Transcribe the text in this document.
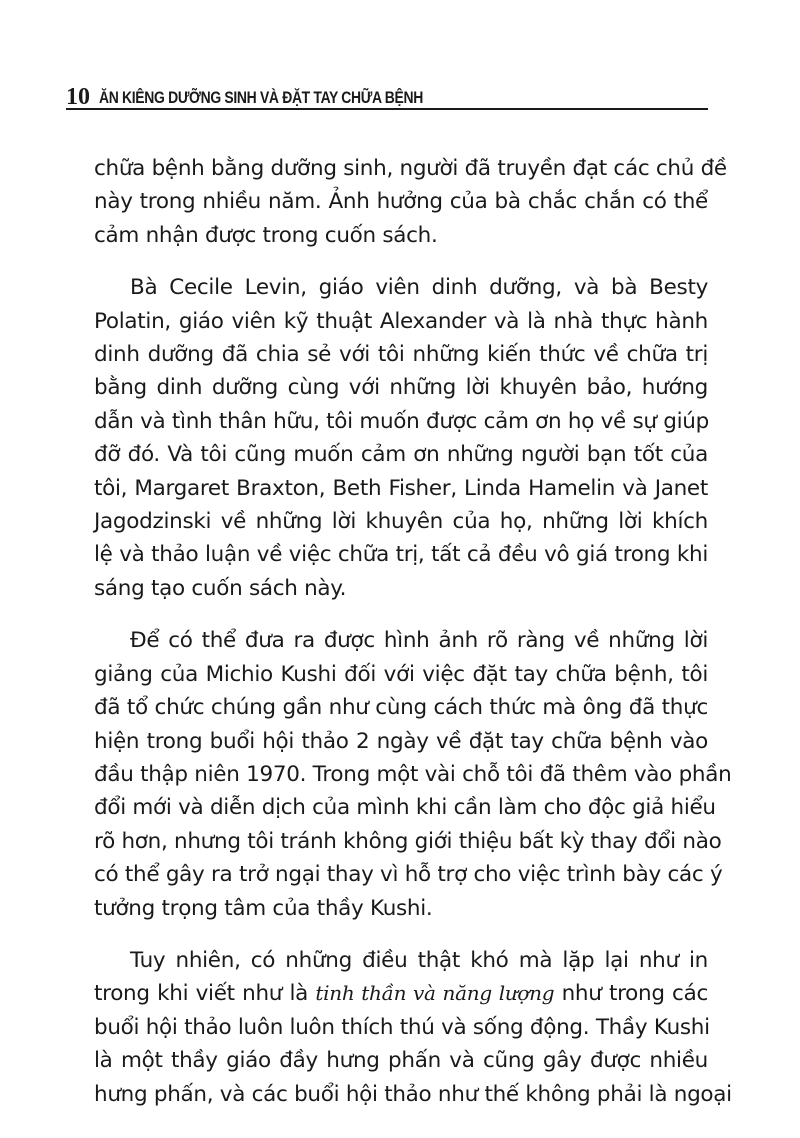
10 ĂN KIÊNG DƯỠNG SINH VÀ ĐẶT TAY CHỮA BỆNH

chữa bệnh bằng dưỡng sinh, người đã truyền đạt các chủ đề
này trong nhiều năm. Ảnh hưởng của bà chắc chắn có thể
cảm nhận được trong cuốn sách.

Bà Cecile Levin, giáo viên dinh dưỡng, và bà Besty
Polatin, giáo viên kỹ thuật Alexander và là nhà thực hành
dinh dưỡng đã chia sẻ với tôi những kiến thức về chữa trị
bằng dinh dưỡng cùng với những lời khuyên bảo, hướng
dẫn và tình thân hữu, tôi muốn được cảm ơn họ về sự giúp
đỡ đó. Và tôi cũng muốn cảm ơn những người bạn tốt của
tôi, Margaret Braxton, Beth Fisher, Linda Hamelin và Janet
Jagodzinski về những lời khuyên của họ, những lời khích
lệ và thảo luận về việc chữa trị, tất cả đều vô giá trong khi
sáng tạo cuốn sách này.

Để có thể đưa ra được hình ảnh rõ ràng về những lời
giảng của Michio Kushi đối với việc đặt tay chữa bệnh, tôi
đã tổ chức chúng gần như cùng cách thức mà ông đã thực
hiện trong buổi hội thảo 2 ngày về đặt tay chữa bệnh vào
đầu thập niên 1970. Trong một vài chỗ tôi đã thêm vào phần
đổi mới và diễn dịch của mình khi cần làm cho độc giả hiểu
rõ hơn, nhưng tôi tránh không giới thiệu bất kỳ thay đổi nào
có thể gây ra trở ngại thay vì hỗ trợ cho việc trình bày các ý
tưởng trọng tâm của thầy Kushi.

Tuy nhiên, có những điều thật khó mà lặp lại như in
trong khi viết như là tinh thần và năng lượng như trong các
buổi hội thảo luôn luôn thích thú và sống động. Thầy Kushi
là một thầy giáo đầy hưng phấn và cũng gây được nhiều
hưng phấn, và các buổi hội thảo như thế không phải là ngoại
